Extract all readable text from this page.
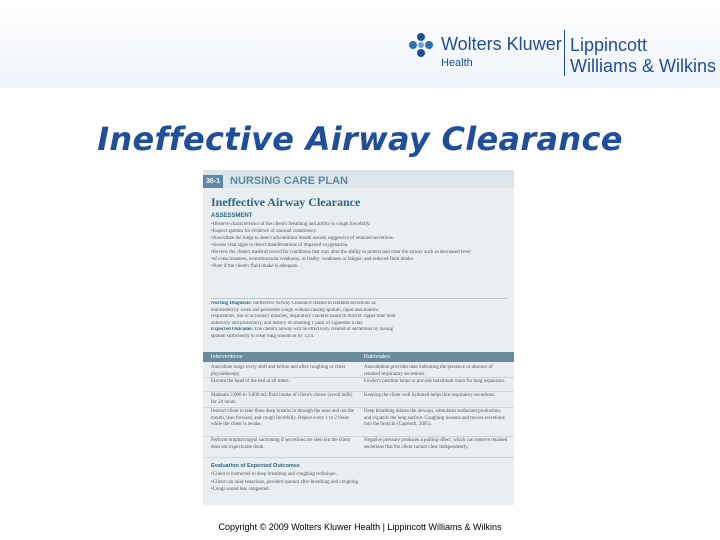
Wolters Kluwer
Health
Lippincott
Williams & Wilkins
Ineffective Airway Clearance
36-1 NURSING CARE PLAN
Ineffective Airway Clearance
ASSESSMENT
• Observe characteristics of the client's breathing and ability to cough forcefully.
• Inspect sputum for evidence of unusual consistency.
• Auscultate the lungs to detect adventitious breath sounds suggestive of retained secretions.
• Assess vital signs to detect manifestations of impaired oxygenation.
• Review the client's medical record for conditions that may alter the ability to protect and clear the airway such as decreased level
• of consciousness, neuromuscular weakness, or frailty; weakness or fatigue; and reduced fluid intake.
• Note if the client's fluid intake is adequate.
Nursing Diagnosis: Ineffective Airway Clearance related to retained secretions as
manifested by weak and persistent cough without raising sputum, rapid and shallow
respirations, use of accessory muscles, inspiratory crackles heard in third R. upper lobe both
anteriorly and posteriorly, and history of smoking 1 pack of cigarettes a day.
Expected Outcome: The client's airway will be effectively cleared of secretions by raising
sputum sufficiently to clear lung sounds as by 12/4.
Interventions	Rationales
Auscultate lungs every shift and before and after coughing or chest physiotherapy.
Auscultation provides data indicating the presence or absence of retained respiratory secretions.
Elevate the head of the bed at all times.	Fowler's position helps to provide maximum room for lung expansion.
Maintain 2,000 to 3,000 mL fluid intake of client's choice (avoid milk) for 24 hours.
Keeping the client well hydrated helps thin respiratory secretions.
Instruct client to take three deep breaths in through the nose and out the mouth, lean forward, and cough forcefully. Repeat every 1 to 2 hours while the client is awake.
Deep breathing dilates the airways, stimulates surfactant production, and expands the lung surface. Coughing loosens and moves secretions into the bronchi (Capriotti, 2005).
Perform oropharyngeal suctioning if secretions are seen but the client does not expectorate them.
Negative pressure produces a pulling effect, which can remove retained secretions that the client cannot clear independently.
Evaluation of Expected Outcomes
• Client is instructed to deep breathing and coughing technique.
• Client can raise tenacious, purulent sputum after breathing and coughing.
• Lungs sound less congested.
Copyright © 2009 Wolters Kluwer Health | Lippincott Williams & Wilkins
